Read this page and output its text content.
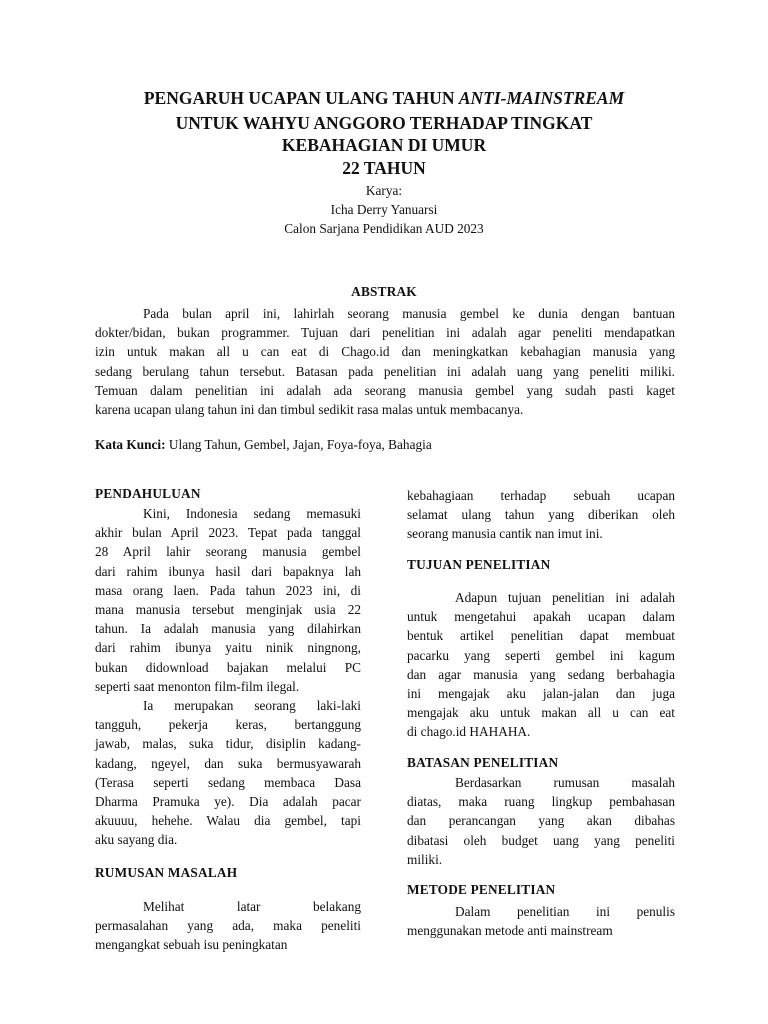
PENGARUH UCAPAN ULANG TAHUN ANTI-MAINSTREAM
UNTUK WAHYU ANGGORO TERHADAP TINGKAT
KEBAHAGIAN DI UMUR
22 TAHUN
Karya:
Icha Derry Yanuarsi
Calon Sarjana Pendidikan AUD 2023
ABSTRAK
Pada bulan april ini, lahirlah seorang manusia gembel ke dunia dengan bantuan
dokter/bidan, bukan programmer. Tujuan dari penelitian ini adalah agar peneliti mendapatkan
izin untuk makan all u can eat di Chago.id dan meningkatkan kebahagian manusia yang
sedang berulang tahun tersebut. Batasan pada penelitian ini adalah uang yang peneliti miliki.
Temuan dalam penelitian ini adalah ada seorang manusia gembel yang sudah pasti kaget
karena ucapan ulang tahun ini dan timbul sedikit rasa malas untuk membacanya.
Kata Kunci: Ulang Tahun, Gembel, Jajan, Foya-foya, Bahagia
PENDAHULUAN
Kini, Indonesia sedang memasuki
akhir bulan April 2023. Tepat pada tanggal
28 April lahir seorang manusia gembel
dari rahim ibunya hasil dari bapaknya lah
masa orang laen. Pada tahun 2023 ini, di
mana manusia tersebut menginjak usia 22
tahun. Ia adalah manusia yang dilahirkan
dari rahim ibunya yaitu ninik ningnong,
bukan didownload bajakan melalui PC
seperti saat menonton film-film ilegal.
Ia merupakan seorang laki-laki
tangguh, pekerja keras, bertanggung
jawab, malas, suka tidur, disiplin kadang-
kadang, ngeyel, dan suka bermusyawarah
(Terasa seperti sedang membaca Dasa
Dharma Pramuka ye). Dia adalah pacar
akuuuu, hehehe. Walau dia gembel, tapi
aku sayang dia.
RUMUSAN MASALAH
Melihat latar belakang
permasalahan yang ada, maka peneliti
mengangkat sebuah isu peningkatan
kebahagiaan terhadap sebuah ucapan
selamat ulang tahun yang diberikan oleh
seorang manusia cantik nan imut ini.
TUJUAN PENELITIAN
Adapun tujuan penelitian ini adalah
untuk mengetahui apakah ucapan dalam
bentuk artikel penelitian dapat membuat
pacarku yang seperti gembel ini kagum
dan agar manusia yang sedang berbahagia
ini mengajak aku jalan-jalan dan juga
mengajak aku untuk makan all u can eat
di chago.id HAHAHA.
BATASAN PENELITIAN
Berdasarkan rumusan masalah
diatas, maka ruang lingkup pembahasan
dan perancangan yang akan dibahas
dibatasi oleh budget uang yang peneliti
miliki.
METODE PENELITIAN
Dalam penelitian ini penulis
menggunakan metode anti mainstream
